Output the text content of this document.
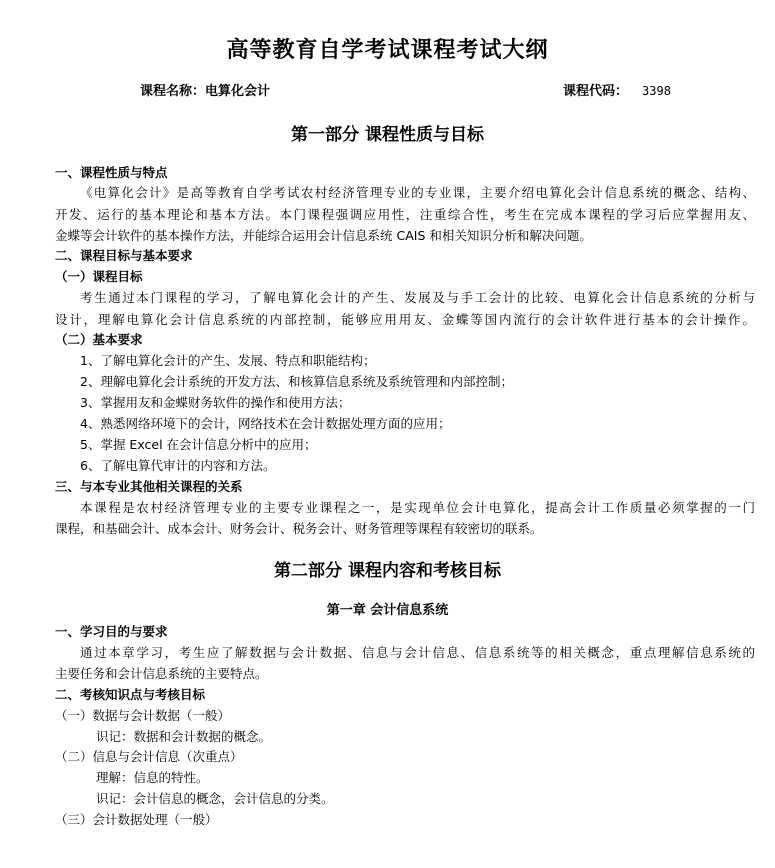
高等教育自学考试课程考试大纲
课程名称：电算化会计	课程代码： 3398
第一部分 课程性质与目标
一、课程性质与特点
《电算化会计》是高等教育自学考试农村经济管理专业的专业课，主要介绍电算化会计信息系统的概念、结构、
开发、运行的基本理论和基本方法。本门课程强调应用性，注重综合性，考生在完成本课程的学习后应掌握用友、
金蝶等会计软件的基本操作方法，并能综合运用会计信息系统 CAIS 和相关知识分析和解决问题。
二、课程目标与基本要求
（一）课程目标
考生通过本门课程的学习，了解电算化会计的产生、发展及与手工会计的比较、电算化会计信息系统的分析与
设计，理解电算化会计信息系统的内部控制，能够应用用友、金蝶等国内流行的会计软件进行基本的会计操作。
（二）基本要求
1、了解电算化会计的产生、发展、特点和职能结构；
2、理解电算化会计系统的开发方法、和核算信息系统及系统管理和内部控制；
3、掌握用友和金蝶财务软件的操作和使用方法；
4、熟悉网络环境下的会计，网络技术在会计数据处理方面的应用；
5、掌握 Excel 在会计信息分析中的应用；
6、了解电算代审计的内容和方法。
三、与本专业其他相关课程的关系
本课程是农村经济管理专业的主要专业课程之一，是实现单位会计电算化，提高会计工作质量必须掌握的一门
课程，和基础会计、成本会计、财务会计、税务会计、财务管理等课程有较密切的联系。
第二部分 课程内容和考核目标
第一章 会计信息系统
一、学习目的与要求
通过本章学习，考生应了解数据与会计数据、信息与会计信息、信息系统等的相关概念，重点理解信息系统的
主要任务和会计信息系统的主要特点。
二、考核知识点与考核目标
（一）数据与会计数据（一般）
识记：数据和会计数据的概念。
（二）信息与会计信息（次重点）
理解：信息的特性。
识记：会计信息的概念，会计信息的分类。
（三）会计数据处理（一般）
